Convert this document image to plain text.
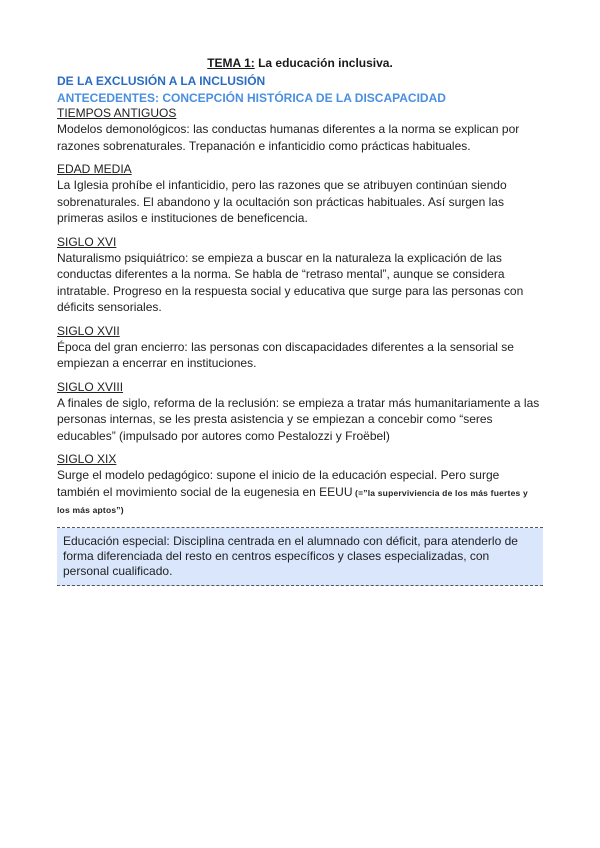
TEMA 1: La educación inclusiva.

DE LA EXCLUSIÓN A LA INCLUSIÓN

ANTECEDENTES: CONCEPCIÓN HISTÓRICA DE LA DISCAPACIDAD

TIEMPOS ANTIGUOS

Modelos demonológicos: las conductas humanas diferentes a la norma se explican por razones sobrenaturales. Trepanación e infanticidio como prácticas habituales.

EDAD MEDIA

La Iglesia prohíbe el infanticidio, pero las razones que se atribuyen continúan siendo sobrenaturales. El abandono y la ocultación son prácticas habituales. Así surgen las primeras asilos e instituciones de beneficencia.

SIGLO XVI

Naturalismo psiquiátrico: se empieza a buscar en la naturaleza la explicación de las conductas diferentes a la norma. Se habla de “retraso mental”, aunque se considera intratable. Progreso en la respuesta social y educativa que surge para las personas con déficits sensoriales.

SIGLO XVII

Época del gran encierro: las personas con discapacidades diferentes a la sensorial se empiezan a encerrar en instituciones.

SIGLO XVIII

A finales de siglo, reforma de la reclusión: se empieza a tratar más humanitariamente a las personas internas, se les presta asistencia y se empiezan a concebir como “seres educables” (impulsado por autores como Pestalozzi y Froëbel)

SIGLO XIX

Surge el modelo pedagógico: supone el inicio de la educación especial. Pero surge también el movimiento social de la eugenesia en EEUU (=”la superviviencia de los más fuertes y los más aptos”)

Educación especial: Disciplina centrada en el alumnado con déficit, para atenderlo de forma diferenciada del resto en centros específicos y clases especializadas, con personal cualificado.
